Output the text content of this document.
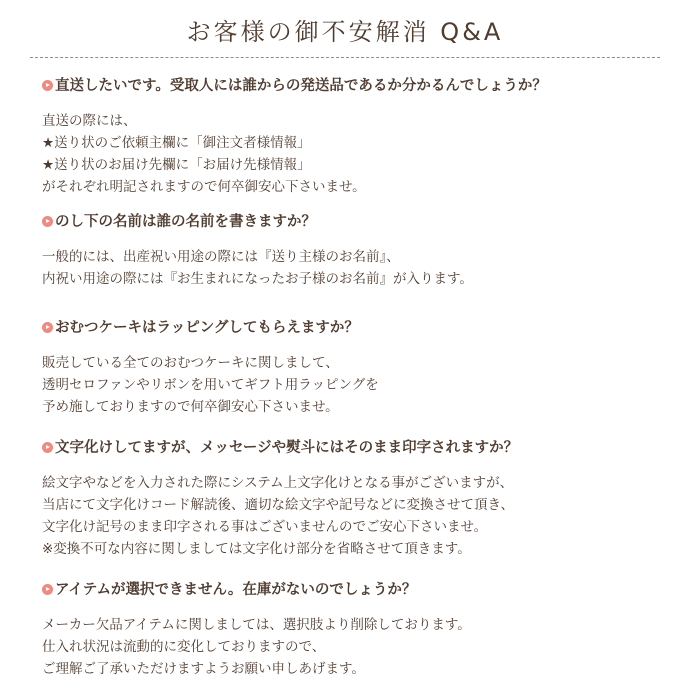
お客様の御不安解消 Q&A
直送したいです。受取人には誰からの発送品であるか分かるんでしょうか？
直送の際には、
★送り状のご依頼主欄に「御注文者様情報」
★送り状のお届け先欄に「お届け先様情報」
がそれぞれ明記されますので何卒御安心下さいませ。
のし下の名前は誰の名前を書きますか？
一般的には、出産祝い用途の際には『送り主様のお名前』、
内祝い用途の際には『お生まれになったお子様のお名前』が入ります。
おむつケーキはラッピングしてもらえますか？
販売している全てのおむつケーキに関しまして、
透明セロファンやリボンを用いてギフト用ラッピングを
予め施しておりますので何卒御安心下さいませ。
文字化けしてますが、メッセージや熨斗にはそのまま印字されますか？
絵文字やなどを入力された際にシステム上文字化けとなる事がございますが、
当店にて文字化けコード解読後、適切な絵文字や記号などに変換させて頂き、
文字化け記号のまま印字される事はございませんのでご安心下さいませ。
※変換不可な内容に関しましては文字化け部分を省略させて頂きます。
アイテムが選択できません。在庫がないのでしょうか？
メーカー欠品アイテムに関しましては、選択肢より削除しております。
仕入れ状況は流動的に変化しておりますので、
ご理解ご了承いただけますようお願い申しあげます。
